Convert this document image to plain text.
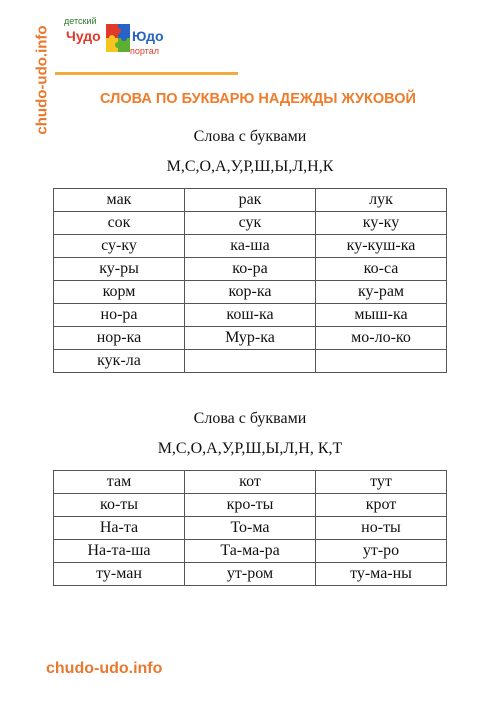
chudo-udo.info
детский
Чудо Юдо
портал
СЛОВА ПО БУКВАРЮ НАДЕЖДЫ ЖУКОВОЙ
Слова с буквами
М,С,О,А,У,Р,Ш,Ы,Л,Н,К
мак	рак	лук
сок	сук	ку-ку
су-ку	ка-ша	ку-куш-ка
ку-ры	ко-ра	ко-са
корм	кор-ка	ку-рам
но-ра	кош-ка	мыш-ка
нор-ка	Мур-ка	мо-ло-ко
кук-ла		
Слова с буквами
М,С,О,А,У,Р,Ш,Ы,Л,Н, К,Т
там	кот	тут
ко-ты	кро-ты	крот
На-та	То-ма	но-ты
На-та-ша	Та-ма-ра	ут-ро
ту-ман	ут-ром	ту-ма-ны
chudo-udo.info
